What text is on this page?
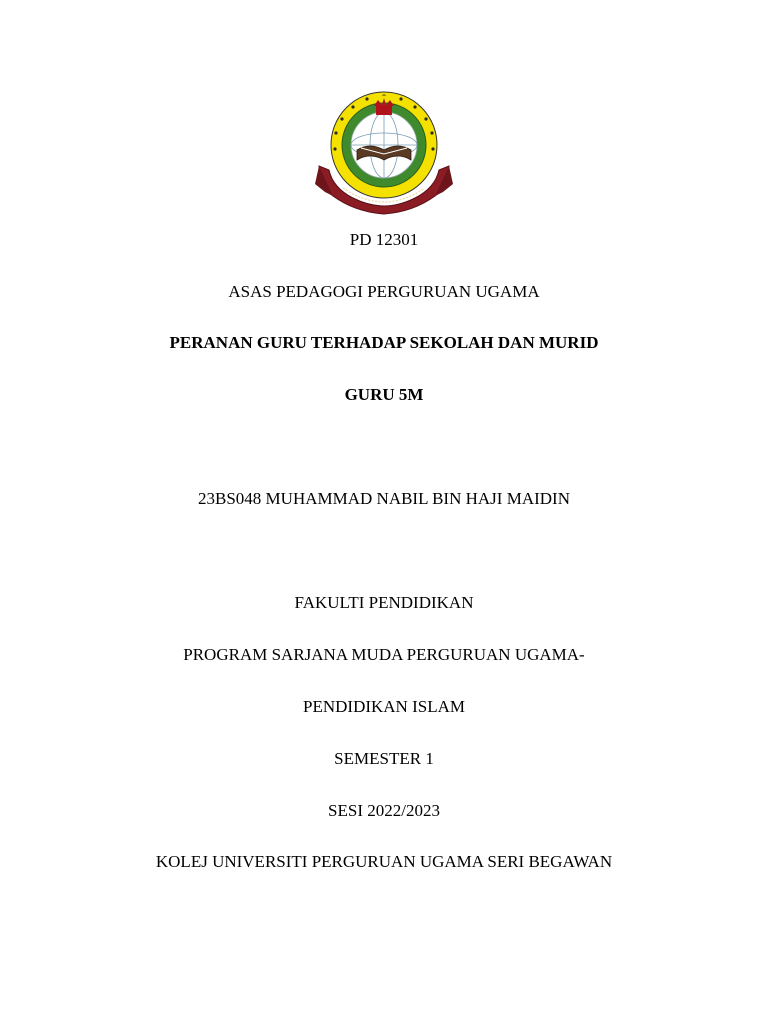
PD 12301
ASAS PEDAGOGI PERGURUAN UGAMA
PERANAN GURU TERHADAP SEKOLAH DAN MURID
GURU 5M
23BS048 MUHAMMAD NABIL BIN HAJI MAIDIN
FAKULTI PENDIDIKAN
PROGRAM SARJANA MUDA PERGURUAN UGAMA-
PENDIDIKAN ISLAM
SEMESTER 1
SESI 2022/2023
KOLEJ UNIVERSITI PERGURUAN UGAMA SERI BEGAWAN
